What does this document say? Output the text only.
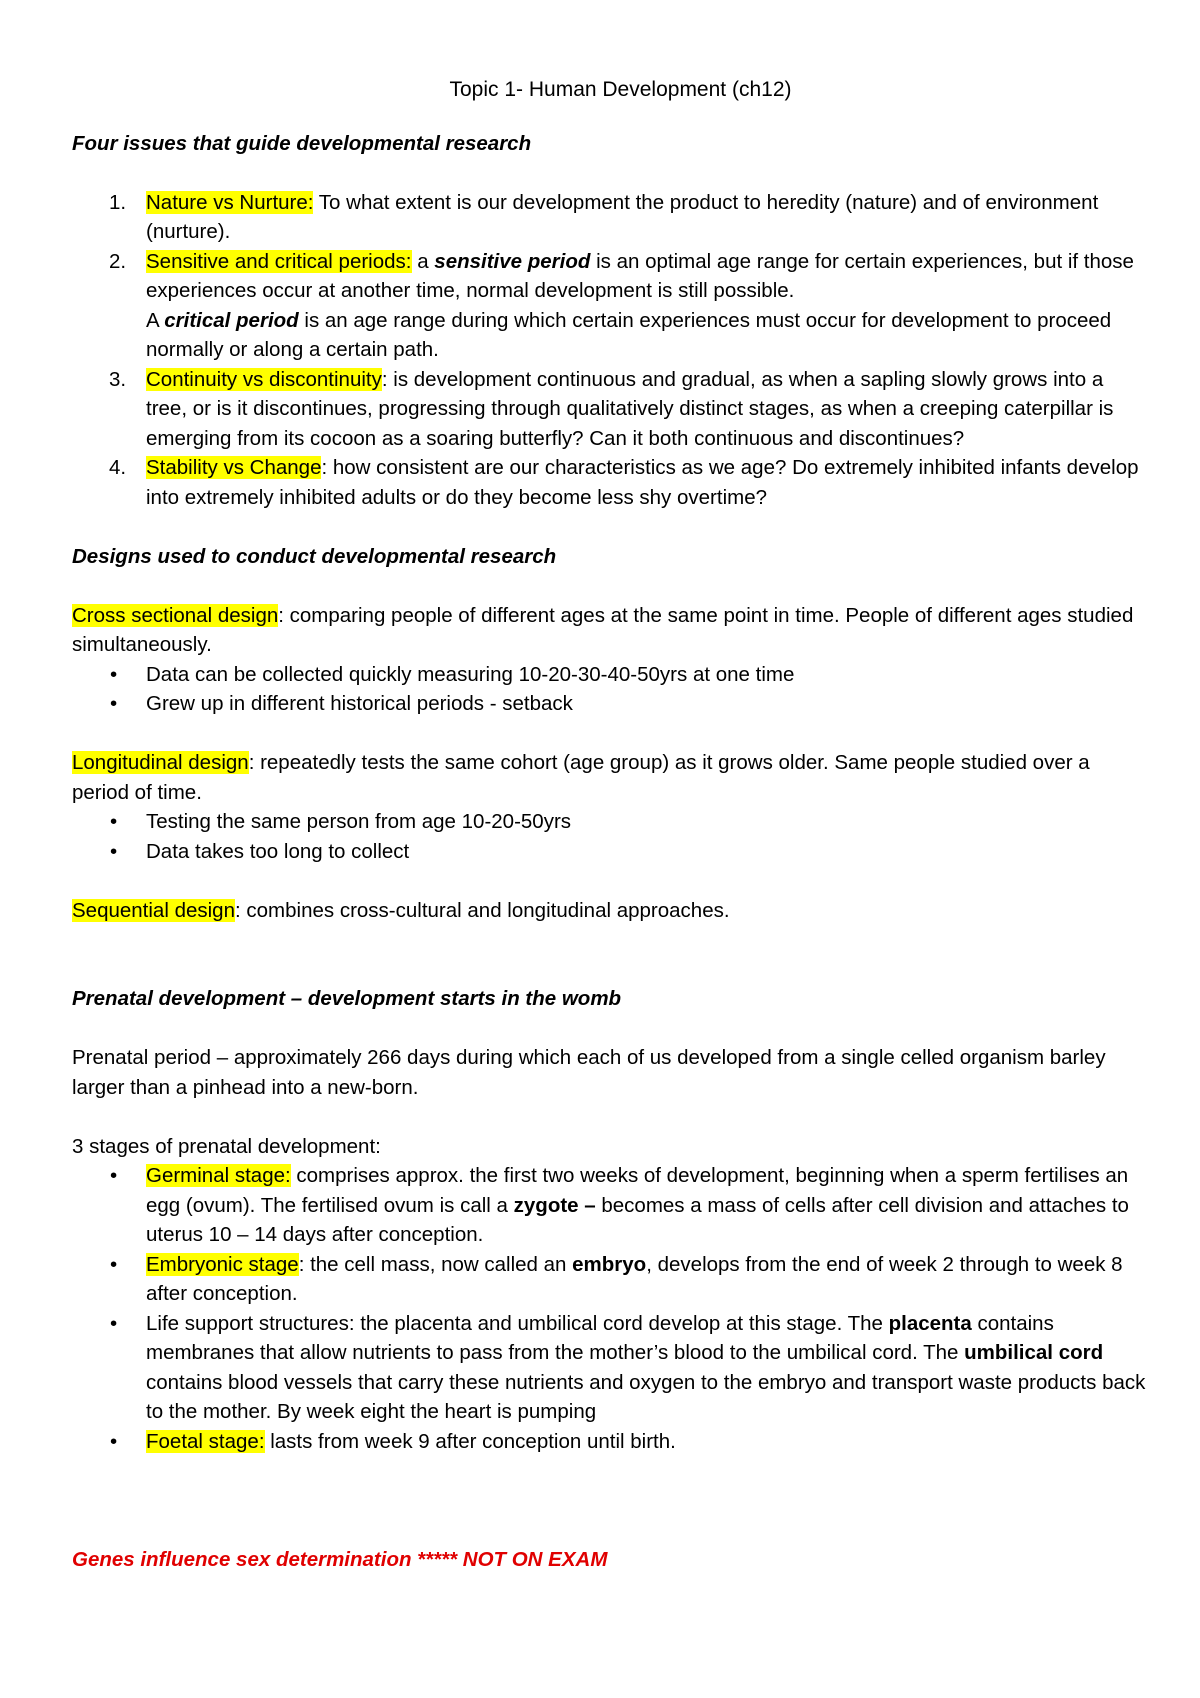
Topic 1- Human Development (ch12)

Four issues that guide developmental research

1. Nature vs Nurture: To what extent is our development the product to heredity (nature) and of environment (nurture).
2. Sensitive and critical periods: a sensitive period is an optimal age range for certain experiences, but if those experiences occur at another time, normal development is still possible.
A critical period is an age range during which certain experiences must occur for development to proceed normally or along a certain path.
3. Continuity vs discontinuity: is development continuous and gradual, as when a sapling slowly grows into a tree, or is it discontinues, progressing through qualitatively distinct stages, as when a creeping caterpillar is emerging from its cocoon as a soaring butterfly? Can it both continuous and discontinues?
4. Stability vs Change: how consistent are our characteristics as we age? Do extremely inhibited infants develop into extremely inhibited adults or do they become less shy overtime?

Designs used to conduct developmental research

Cross sectional design: comparing people of different ages at the same point in time. People of different ages studied simultaneously.

• Data can be collected quickly measuring 10-20-30-40-50yrs at one time
• Grew up in different historical periods - setback

Longitudinal design: repeatedly tests the same cohort (age group) as it grows older. Same people studied over a period of time.

• Testing the same person from age 10-20-50yrs
• Data takes too long to collect

Sequential design: combines cross-cultural and longitudinal approaches.

Prenatal development – development starts in the womb

Prenatal period – approximately 266 days during which each of us developed from a single celled organism barley larger than a pinhead into a new-born.

3 stages of prenatal development:

• Germinal stage: comprises approx. the first two weeks of development, beginning when a sperm fertilises an egg (ovum). The fertilised ovum is call a zygote – becomes a mass of cells after cell division and attaches to uterus 10 – 14 days after conception.
• Embryonic stage: the cell mass, now called an embryo, develops from the end of week 2 through to week 8 after conception.
• Life support structures: the placenta and umbilical cord develop at this stage. The placenta contains membranes that allow nutrients to pass from the mother’s blood to the umbilical cord. The umbilical cord contains blood vessels that carry these nutrients and oxygen to the embryo and transport waste products back to the mother. By week eight the heart is pumping
• Foetal stage: lasts from week 9 after conception until birth.

Genes influence sex determination ***** NOT ON EXAM
